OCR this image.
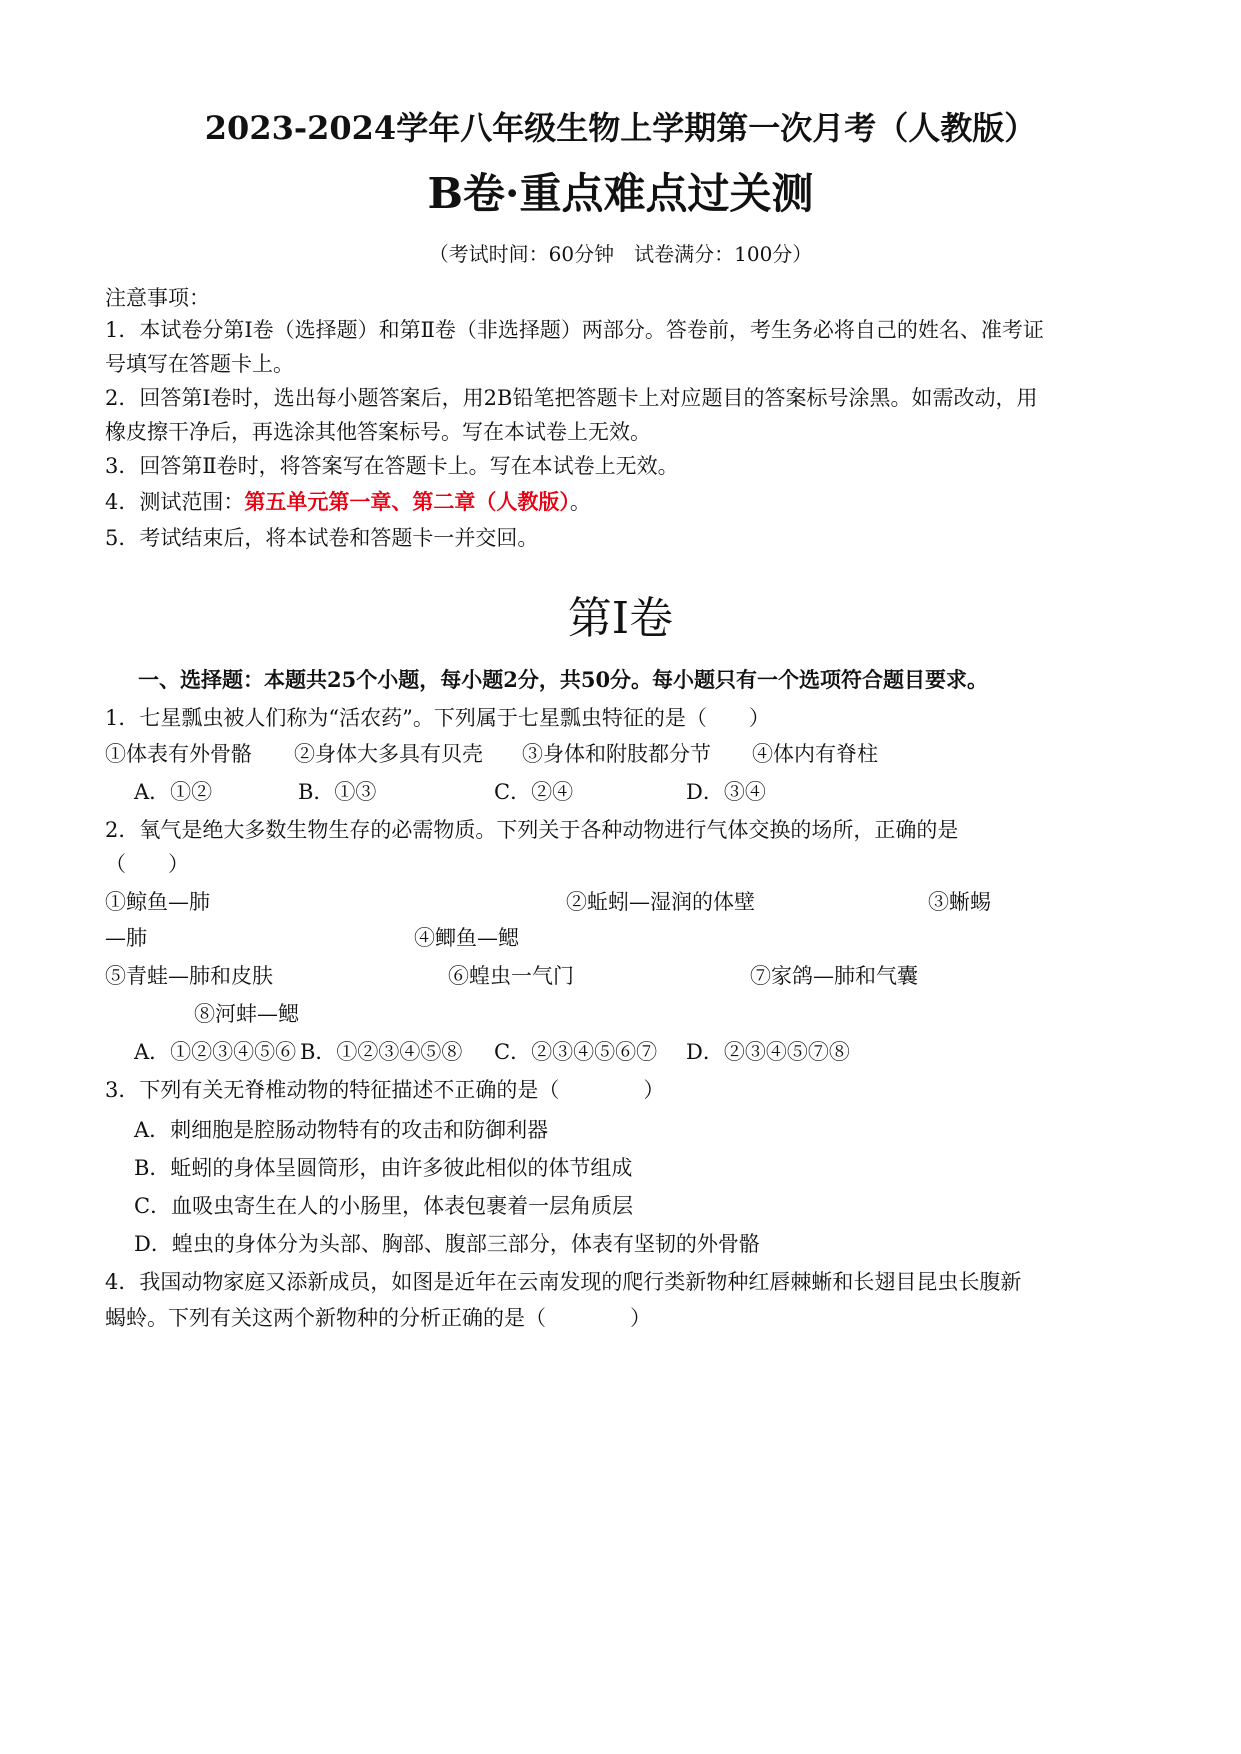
2023-2024学年八年级生物上学期第一次月考（人教版）
B卷·重点难点过关测
（考试时间：60分钟　试卷满分：100分）
注意事项：
1．本试卷分第Ⅰ卷（选择题）和第Ⅱ卷（非选择题）两部分。答卷前，考生务必将自己的姓名、准考证
号填写在答题卡上。
2．回答第Ⅰ卷时，选出每小题答案后，用2B铅笔把答题卡上对应题目的答案标号涂黑。如需改动，用
橡皮擦干净后，再选涂其他答案标号。写在本试卷上无效。
3．回答第Ⅱ卷时，将答案写在答题卡上。写在本试卷上无效。
4．测试范围：第五单元第一章、第二章（人教版）。
5．考试结束后，将本试卷和答题卡一并交回。
第Ⅰ卷
一、选择题：本题共25个小题，每小题2分，共50分。每小题只有一个选项符合题目要求。
1．七星瓢虫被人们称为“活农药”。下列属于七星瓢虫特征的是（　　）
①体表有外骨骼 ②身体大多具有贝壳 ③身体和附肢都分节 ④体内有脊柱
A．①②	B．①③	C．②④	D．③④
2．氧气是绝大多数生物生存的必需物质。下列关于各种动物进行气体交换的场所，正确的是
（　　）
①鲸鱼—肺	②蚯蚓—湿润的体壁	③蜥蜴
—肺	④鲫鱼—鳃
⑤青蛙—肺和皮肤	⑥蝗虫一气门	⑦家鸽—肺和气囊
⑧河蚌—鳃
A．①②③④⑤⑥ B．①②③④⑤⑧ C．②③④⑤⑥⑦ D．②③④⑤⑦⑧
3．下列有关无脊椎动物的特征描述不正确的是（　　　　）
A．刺细胞是腔肠动物特有的攻击和防御利器
B．蚯蚓的身体呈圆筒形，由许多彼此相似的体节组成
C．血吸虫寄生在人的小肠里，体表包裹着一层角质层
D．蝗虫的身体分为头部、胸部、腹部三部分，体表有坚韧的外骨骼
4．我国动物家庭又添新成员，如图是近年在云南发现的爬行类新物种红唇棘蜥和长翅目昆虫长腹新
蝎蛉。下列有关这两个新物种的分析正确的是（　　　　）
